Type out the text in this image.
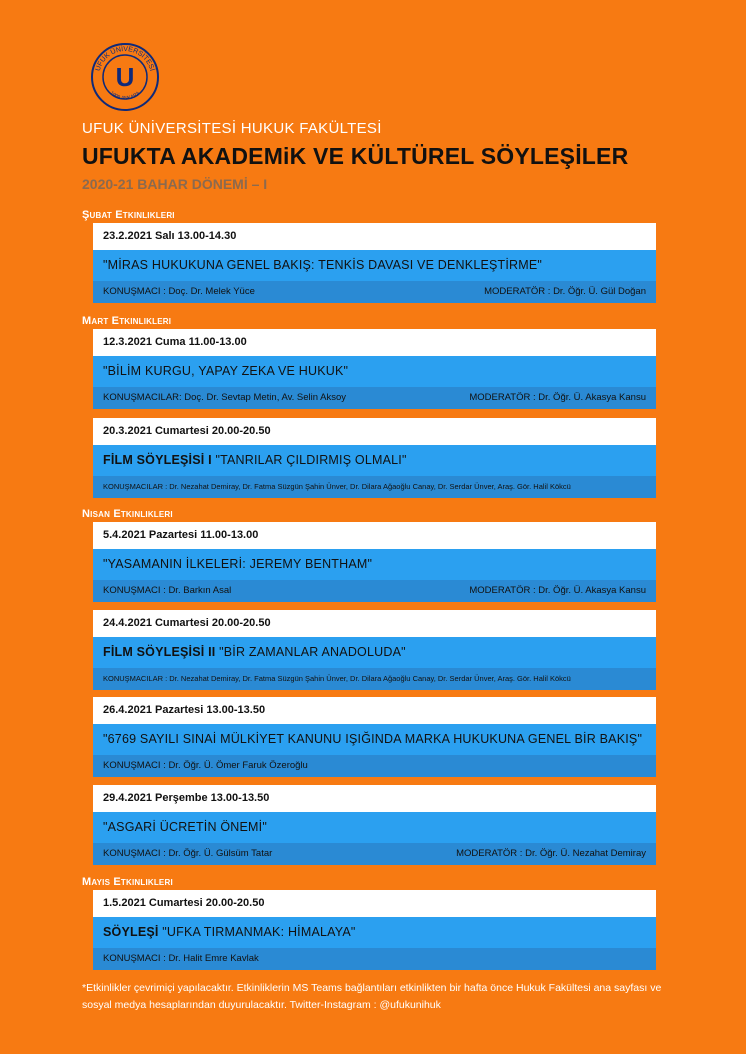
UFUK ÜNİVERSİTESİ
1999 ANKARA
U
UFUK ÜNİVERSİTESİ HUKUK FAKÜLTESİ
UFUKTA AKADEMiK VE KÜLTÜREL SÖYLEŞİLER
2020-21 BAHAR DÖNEMİ – I
Şubat Etkinlikleri
23.2.2021 Salı 13.00-14.30
"MİRAS HUKUKUNA GENEL BAKIŞ: TENKİS DAVASI VE DENKLEŞTİRME"
KONUŞMACI : Doç. Dr. Melek Yüce	MODERATÖR : Dr. Öğr. Ü. Gül Doğan
Mart Etkinlikleri
12.3.2021 Cuma 11.00-13.00
"BİLİM KURGU, YAPAY ZEKA VE HUKUK"
KONUŞMACILAR: Doç. Dr. Sevtap Metin, Av. Selin Aksoy	MODERATÖR : Dr. Öğr. Ü. Akasya Kansu
20.3.2021 Cumartesi 20.00-20.50
FİLM SÖYLEŞİSİ I "TANRILAR ÇILDIRMIŞ OLMALI"
KONUŞMACILAR : Dr. Nezahat Demiray, Dr. Fatma Süzgün Şahin Ünver, Dr. Dilara Ağaoğlu Canay, Dr. Serdar Ünver, Araş. Gör. Halil Kökcü
Nisan Etkinlikleri
5.4.2021 Pazartesi 11.00-13.00
"YASAMANIN İLKELERİ: JEREMY BENTHAM"
KONUŞMACI : Dr. Barkın Asal	MODERATÖR : Dr. Öğr. Ü. Akasya Kansu
24.4.2021 Cumartesi 20.00-20.50
FİLM SÖYLEŞİSİ II "BİR ZAMANLAR ANADOLUDA"
KONUŞMACILAR : Dr. Nezahat Demiray, Dr. Fatma Süzgün Şahin Ünver, Dr. Dilara Ağaoğlu Canay, Dr. Serdar Ünver, Araş. Gör. Halil Kökcü
26.4.2021 Pazartesi 13.00-13.50
"6769 SAYILI SINAİ MÜLKİYET KANUNU IŞIĞINDA MARKA HUKUKUNA GENEL BİR BAKIŞ"
KONUŞMACI : Dr. Öğr. Ü. Ömer Faruk Özeroğlu
29.4.2021 Perşembe 13.00-13.50
"ASGARİ ÜCRETİN ÖNEMİ"
KONUŞMACI : Dr. Öğr. Ü. Gülsüm Tatar	MODERATÖR : Dr. Öğr. Ü. Nezahat Demiray
Mayıs Etkinlikleri
1.5.2021 Cumartesi 20.00-20.50
SÖYLEŞİ "UFKA TIRMANMAK: HİMALAYA"
KONUŞMACI : Dr. Halit Emre Kavlak
*Etkinlikler çevrimiçi yapılacaktır. Etkinliklerin MS Teams bağlantıları etkinlikten bir hafta önce Hukuk Fakültesi ana sayfası ve sosyal medya hesaplarından duyurulacaktır. Twitter-Instagram : @ufukunihuk
